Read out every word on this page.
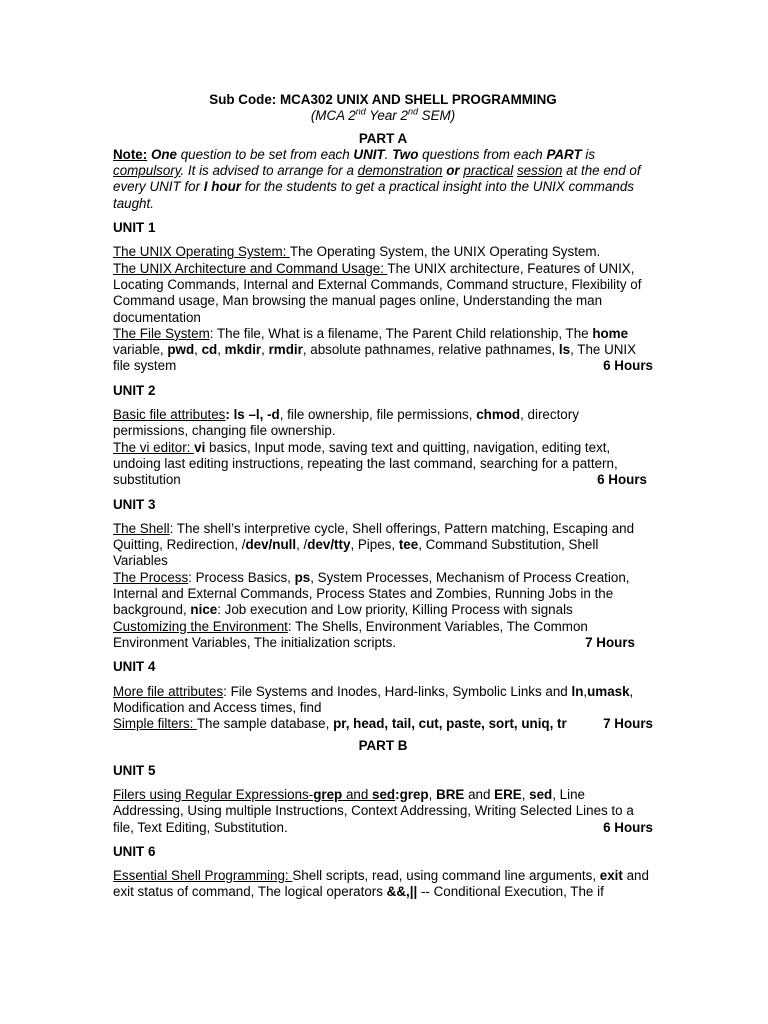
Sub Code: MCA302 UNIX AND SHELL PROGRAMMING
(MCA 2nd Year 2nd SEM)
PART A

Note: One question to be set from each UNIT. Two questions from each PART is compulsory. It is advised to arrange for a demonstration or practical session at the end of every UNIT for I hour for the students to get a practical insight into the UNIX commands taught.

UNIT 1

The UNIX Operating System: The Operating System, the UNIX Operating System.

The UNIX Architecture and Command Usage: The UNIX architecture, Features of UNIX, Locating Commands, Internal and External Commands, Command structure, Flexibility of Command usage, Man browsing the manual pages online, Understanding the man documentation

The File System: The file, What is a filename, The Parent Child relationship, The home variable, pwd, cd, mkdir, rmdir, absolute pathnames, relative pathnames, ls, The UNIX file system	6 Hours

UNIT 2

Basic file attributes: ls –l, -d, file ownership, file permissions, chmod, directory permissions, changing file ownership.

The vi editor: vi basics, Input mode, saving text and quitting, navigation, editing text, undoing last editing instructions, repeating the last command, searching for a pattern, substitution	6 Hours

UNIT 3

The Shell: The shell’s interpretive cycle, Shell offerings, Pattern matching, Escaping and Quitting, Redirection, /dev/null, /dev/tty, Pipes, tee, Command Substitution, Shell Variables

The Process: Process Basics, ps, System Processes, Mechanism of Process Creation, Internal and External Commands, Process States and Zombies, Running Jobs in the background, nice: Job execution and Low priority, Killing Process with signals

Customizing the Environment: The Shells, Environment Variables, The Common Environment Variables, The initialization scripts.	7 Hours

UNIT 4

More file attributes: File Systems and Inodes, Hard-links, Symbolic Links and ln,umask, Modification and Access times, find

Simple filters: The sample database, pr, head, tail, cut, paste, sort, uniq, tr	7 Hours

PART B
UNIT 5

Filers using Regular Expressions-grep and sed:grep, BRE and ERE, sed, Line Addressing, Using multiple Instructions, Context Addressing, Writing Selected Lines to a file, Text Editing, Substitution.	6 Hours

UNIT 6

Essential Shell Programming: Shell scripts, read, using command line arguments, exit and exit status of command, The logical operators &&,|| -- Conditional Execution, The if
